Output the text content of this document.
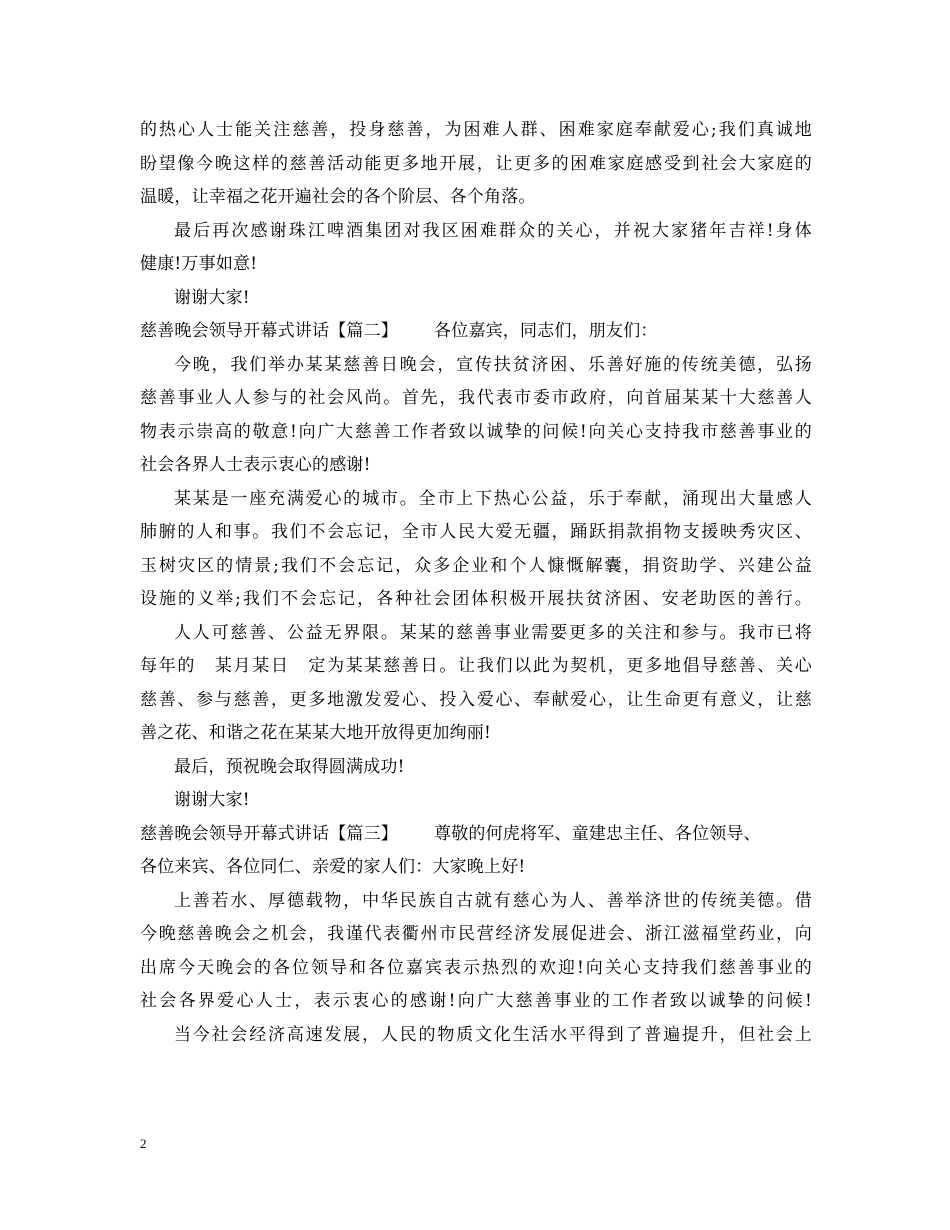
的热心人士能关注慈善，投身慈善，为困难人群、困难家庭奉献爱心;我们真诚地
盼望像今晚这样的慈善活动能更多地开展，让更多的困难家庭感受到社会大家庭的
温暖，让幸福之花开遍社会的各个阶层、各个角落。
最后再次感谢珠江啤酒集团对我区困难群众的关心，并祝大家猪年吉祥!身体
健康!万事如意!
谢谢大家!
慈善晚会领导开幕式讲话【篇二】 各位嘉宾，同志们，朋友们：
今晚，我们举办某某慈善日晚会，宣传扶贫济困、乐善好施的传统美德，弘扬
慈善事业人人参与的社会风尚。首先，我代表市委市政府，向首届某某十大慈善人
物表示崇高的敬意!向广大慈善工作者致以诚挚的问候!向关心支持我市慈善事业的
社会各界人士表示衷心的感谢!
某某是一座充满爱心的城市。全市上下热心公益，乐于奉献，涌现出大量感人
肺腑的人和事。我们不会忘记，全市人民大爱无疆，踊跃捐款捐物支援映秀灾区、
玉树灾区的情景;我们不会忘记，众多企业和个人慷慨解囊，捐资助学、兴建公益
设施的义举;我们不会忘记，各种社会团体积极开展扶贫济困、安老助医的善行。
人人可慈善、公益无界限。某某的慈善事业需要更多的关注和参与。我市已将
每年的　某月某日　定为某某慈善日。让我们以此为契机，更多地倡导慈善、关心
慈善、参与慈善，更多地激发爱心、投入爱心、奉献爱心，让生命更有意义，让慈
善之花、和谐之花在某某大地开放得更加绚丽!
最后，预祝晚会取得圆满成功!
谢谢大家!
慈善晚会领导开幕式讲话【篇三】 尊敬的何虎将军、童建忠主任、各位领导、
各位来宾、各位同仁、亲爱的家人们：大家晚上好!
上善若水、厚德载物，中华民族自古就有慈心为人、善举济世的传统美德。借
今晚慈善晚会之机会，我谨代表衢州市民营经济发展促进会、浙江滋福堂药业，向
出席今天晚会的各位领导和各位嘉宾表示热烈的欢迎!向关心支持我们慈善事业的
社会各界爱心人士，表示衷心的感谢!向广大慈善事业的工作者致以诚挚的问候!
当今社会经济高速发展，人民的物质文化生活水平得到了普遍提升，但社会上
2
